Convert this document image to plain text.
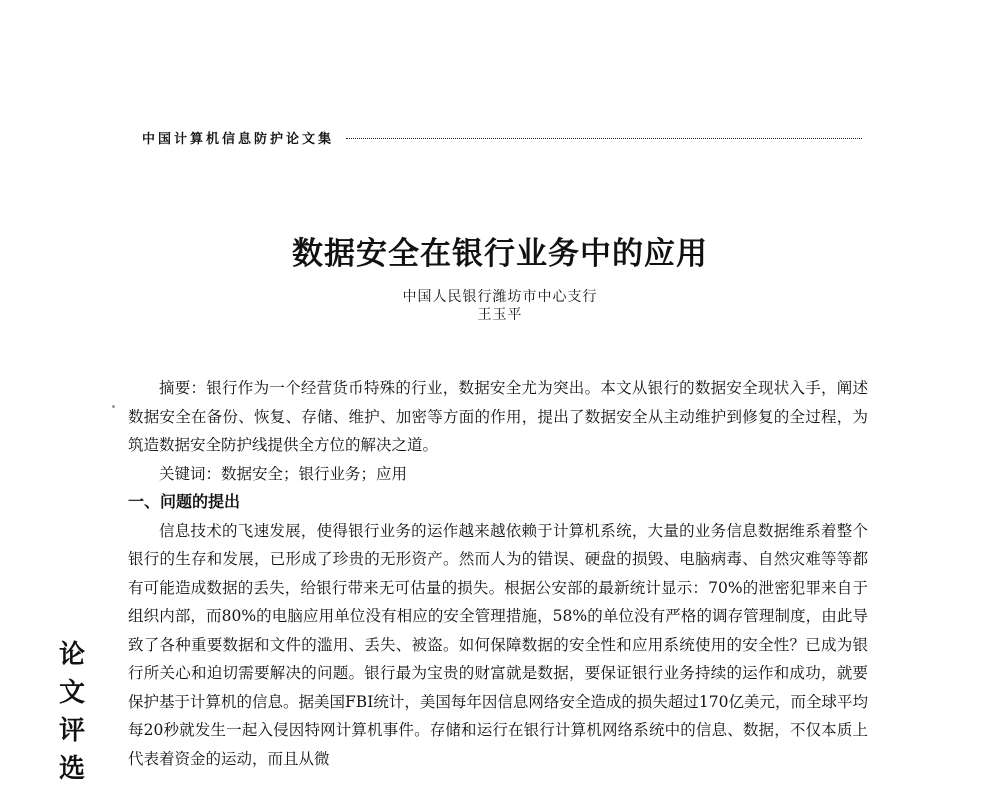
中国计算机信息防护论文集
数据安全在银行业务中的应用
中国人民银行潍坊市中心支行
王玉平

摘要：银行作为一个经营货币特殊的行业，数据安全尤为突出。本文从银行的数据安全现状入手，阐述数据安全在备份、恢复、存储、维护、加密等方面的作用，提出了数据安全从主动维护到修复的全过程，为筑造数据安全防护线提供全方位的解决之道。

关键词：数据安全；银行业务；应用

一、问题的提出

信息技术的飞速发展，使得银行业务的运作越来越依赖于计算机系统，大量的业务信息数据维系着整个银行的生存和发展，已形成了珍贵的无形资产。然而人为的错误、硬盘的损毁、电脑病毒、自然灾难等等都有可能造成数据的丢失，给银行带来无可估量的损失。根据公安部的最新统计显示：70%的泄密犯罪来自于组织内部，而80%的电脑应用单位没有相应的安全管理措施，58%的单位没有严格的调存管理制度，由此导致了各种重要数据和文件的滥用、丢失、被盗。如何保障数据的安全性和应用系统使用的安全性？已成为银行所关心和迫切需要解决的问题。银行最为宝贵的财富就是数据，要保证银行业务持续的运作和成功，就要保护基于计算机的信息。据美国FBI统计，美国每年因信息网络安全造成的损失超过170亿美元，而全球平均每20秒就发生一起入侵因特网计算机事件。存储和运行在银行计算机网络系统中的信息、数据，不仅本质上代表着资金的运动，而且从微

论
文
评
选
